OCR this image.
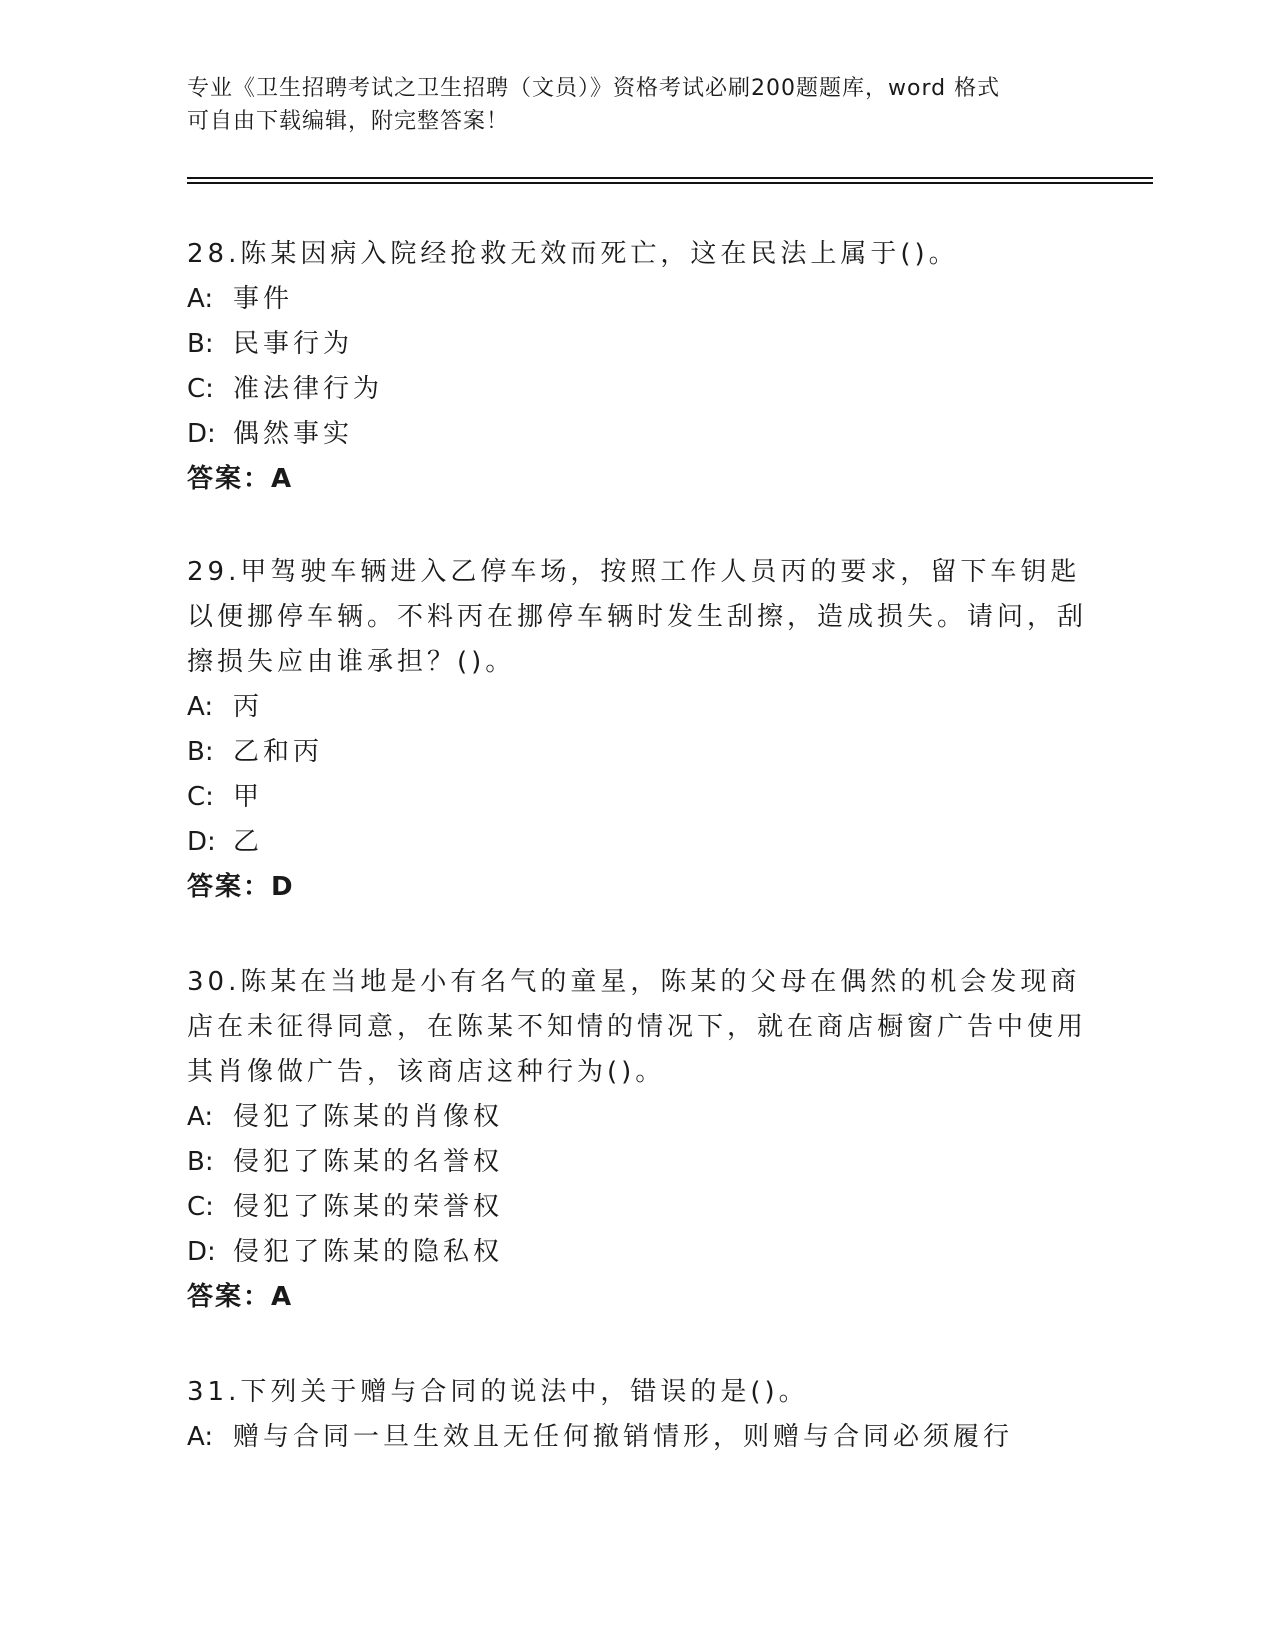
专业《卫生招聘考试之卫生招聘（文员）》资格考试必刷200题题库，word 格式
可自由下载编辑，附完整答案！

28.陈某因病入院经抢救无效而死亡，这在民法上属于()。

A: 事件

B: 民事行为

C: 准法律行为

D: 偶然事实

答案：A

29.甲驾驶车辆进入乙停车场，按照工作人员丙的要求，留下车钥匙以便挪停车辆。不料丙在挪停车辆时发生刮擦，造成损失。请问，刮擦损失应由谁承担？()。

A: 丙

B: 乙和丙

C: 甲

D: 乙

答案：D

30.陈某在当地是小有名气的童星，陈某的父母在偶然的机会发现商店在未征得同意，在陈某不知情的情况下，就在商店橱窗广告中使用其肖像做广告，该商店这种行为()。

A: 侵犯了陈某的肖像权

B: 侵犯了陈某的名誉权

C: 侵犯了陈某的荣誉权

D: 侵犯了陈某的隐私权

答案：A

31.下列关于赠与合同的说法中，错误的是()。

A: 赠与合同一旦生效且无任何撤销情形，则赠与合同必须履行
